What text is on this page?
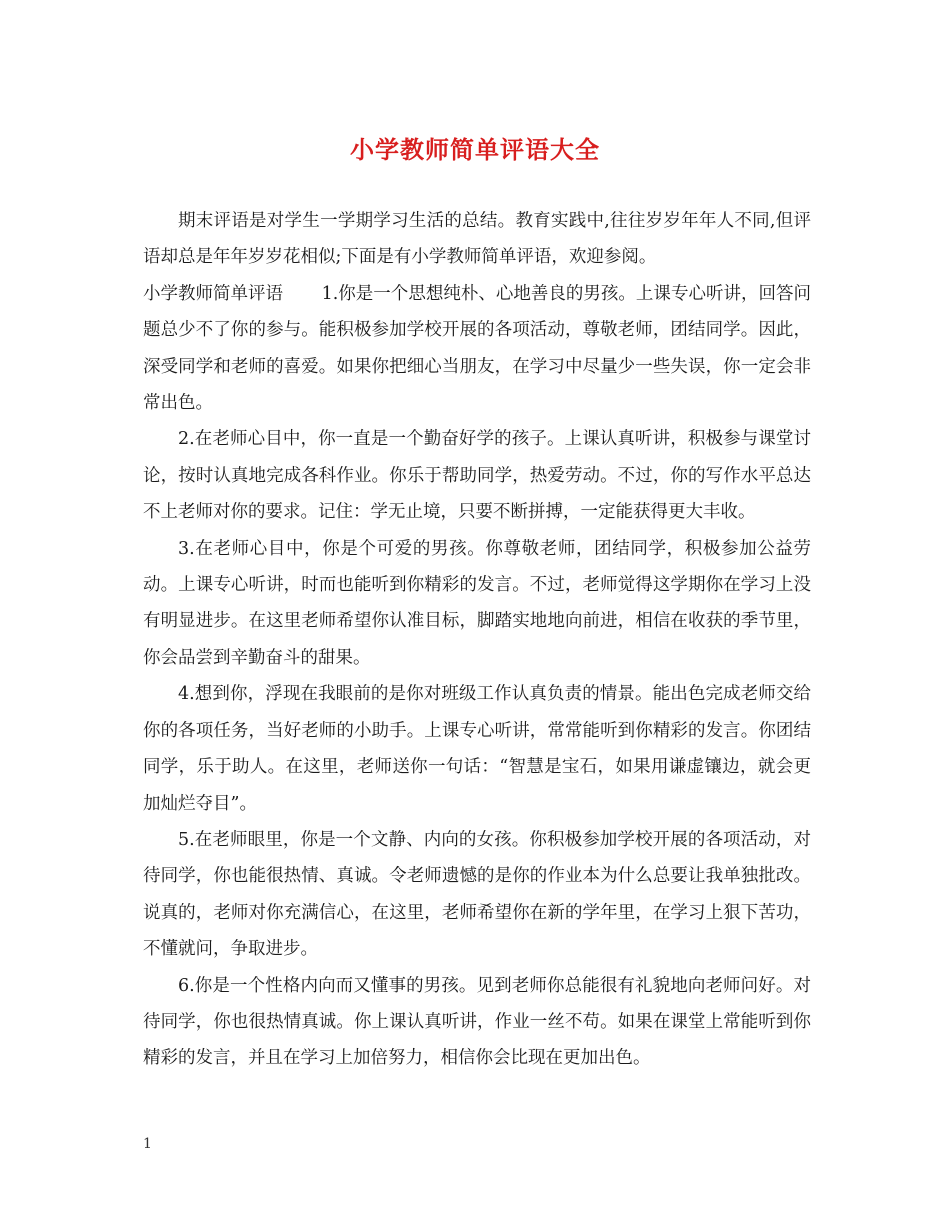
小学教师简单评语大全

期末评语是对学生一学期学习生活的总结。教育实践中,往往岁岁年年人不同,但评语却总是年年岁岁花相似;下面是有小学教师简单评语，欢迎参阅。

小学教师简单评语 1.你是一个思想纯朴、心地善良的男孩。上课专心听讲，回答问题总少不了你的参与。能积极参加学校开展的各项活动，尊敬老师，团结同学。因此，深受同学和老师的喜爱。如果你把细心当朋友，在学习中尽量少一些失误，你一定会非常出色。

2.在老师心目中，你一直是一个勤奋好学的孩子。上课认真听讲，积极参与课堂讨论，按时认真地完成各科作业。你乐于帮助同学，热爱劳动。不过，你的写作水平总达不上老师对你的要求。记住：学无止境，只要不断拼搏，一定能获得更大丰收。

3.在老师心目中，你是个可爱的男孩。你尊敬老师，团结同学，积极参加公益劳动。上课专心听讲，时而也能听到你精彩的发言。不过，老师觉得这学期你在学习上没有明显进步。在这里老师希望你认准目标，脚踏实地地向前进，相信在收获的季节里，你会品尝到辛勤奋斗的甜果。

4.想到你，浮现在我眼前的是你对班级工作认真负责的情景。能出色完成老师交给你的各项任务，当好老师的小助手。上课专心听讲，常常能听到你精彩的发言。你团结同学，乐于助人。在这里，老师送你一句话：“智慧是宝石，如果用谦虚镶边，就会更加灿烂夺目”。

5.在老师眼里，你是一个文静、内向的女孩。你积极参加学校开展的各项活动，对待同学，你也能很热情、真诚。令老师遗憾的是你的作业本为什么总要让我单独批改。说真的，老师对你充满信心，在这里，老师希望你在新的学年里，在学习上狠下苦功，不懂就问，争取进步。

6.你是一个性格内向而又懂事的男孩。见到老师你总能很有礼貌地向老师问好。对待同学，你也很热情真诚。你上课认真听讲，作业一丝不苟。如果在课堂上常能听到你精彩的发言，并且在学习上加倍努力，相信你会比现在更加出色。

1
